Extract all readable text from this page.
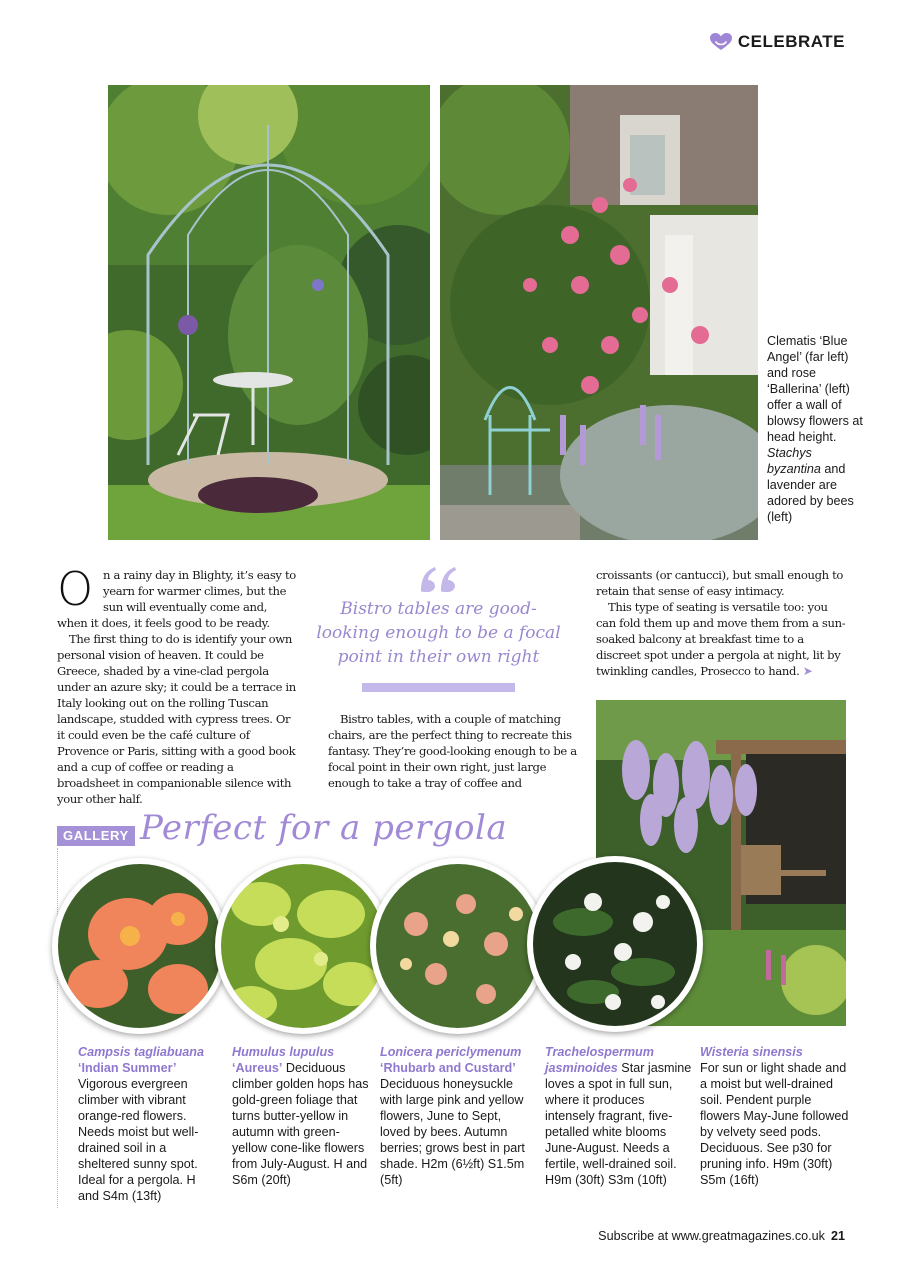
CELEBRATE
Clematis ‘Blue Angel’ (far left) and rose ‘Ballerina’ (left) offer a wall of blowsy flowers at head height. Stachys byzantina and lavender are adored by bees (left)

On a rainy day in Blighty, it’s easy to yearn for warmer climes, but the sun will eventually come and, when it does, it feels good to be ready.

The first thing to do is identify your own personal vision of heaven. It could be Greece, shaded by a vine-clad pergola under an azure sky; it could be a terrace in Italy looking out on the rolling Tuscan landscape, studded with cypress trees. Or it could even be the café culture of Provence or Paris, sitting with a good book and a cup of coffee or reading a broadsheet in companionable silence with your other half.

Bistro tables are good-looking enough to be a focal point in their own right

Bistro tables, with a couple of matching chairs, are the perfect thing to recreate this fantasy. They’re good-looking enough to be a focal point in their own right, just large enough to take a tray of coffee and

croissants (or cantucci), but small enough to retain that sense of easy intimacy.

This type of seating is versatile too: you can fold them up and move them from a sun-soaked balcony at breakfast time to a discreet spot under a pergola at night, lit by twinkling candles, Prosecco to hand. ➤

GALLERY Perfect for a pergola
Campsis tagliabuana
‘Indian Summer’
Vigorous evergreen climber with vibrant orange-red flowers. Needs moist but well-drained soil in a sheltered sunny spot. Ideal for a pergola. H and S4m (13ft)
Humulus lupulus
‘Aureus’ Deciduous climber golden hops has gold-green foliage that turns butter-yellow in autumn with green-yellow cone-like flowers from July-August. H and S6m (20ft)
Lonicera periclymenum
‘Rhubarb and Custard’
Deciduous honeysuckle with large pink and yellow flowers, June to Sept, loved by bees. Autumn berries; grows best in part shade. H2m (6½ft) S1.5m (5ft)
Trachelospermum jasminoides Star jasmine loves a spot in full sun, where it produces intensely fragrant, five-petalled white blooms June-August. Needs a fertile, well-drained soil. H9m (30ft) S3m (10ft)
Wisteria sinensis
For sun or light shade and a moist but well-drained soil. Pendent purple flowers May-June followed by velvety seed pods. Deciduous. See p30 for pruning info. H9m (30ft) S5m (16ft)
Subscribe at www.greatmagazines.co.uk 21
